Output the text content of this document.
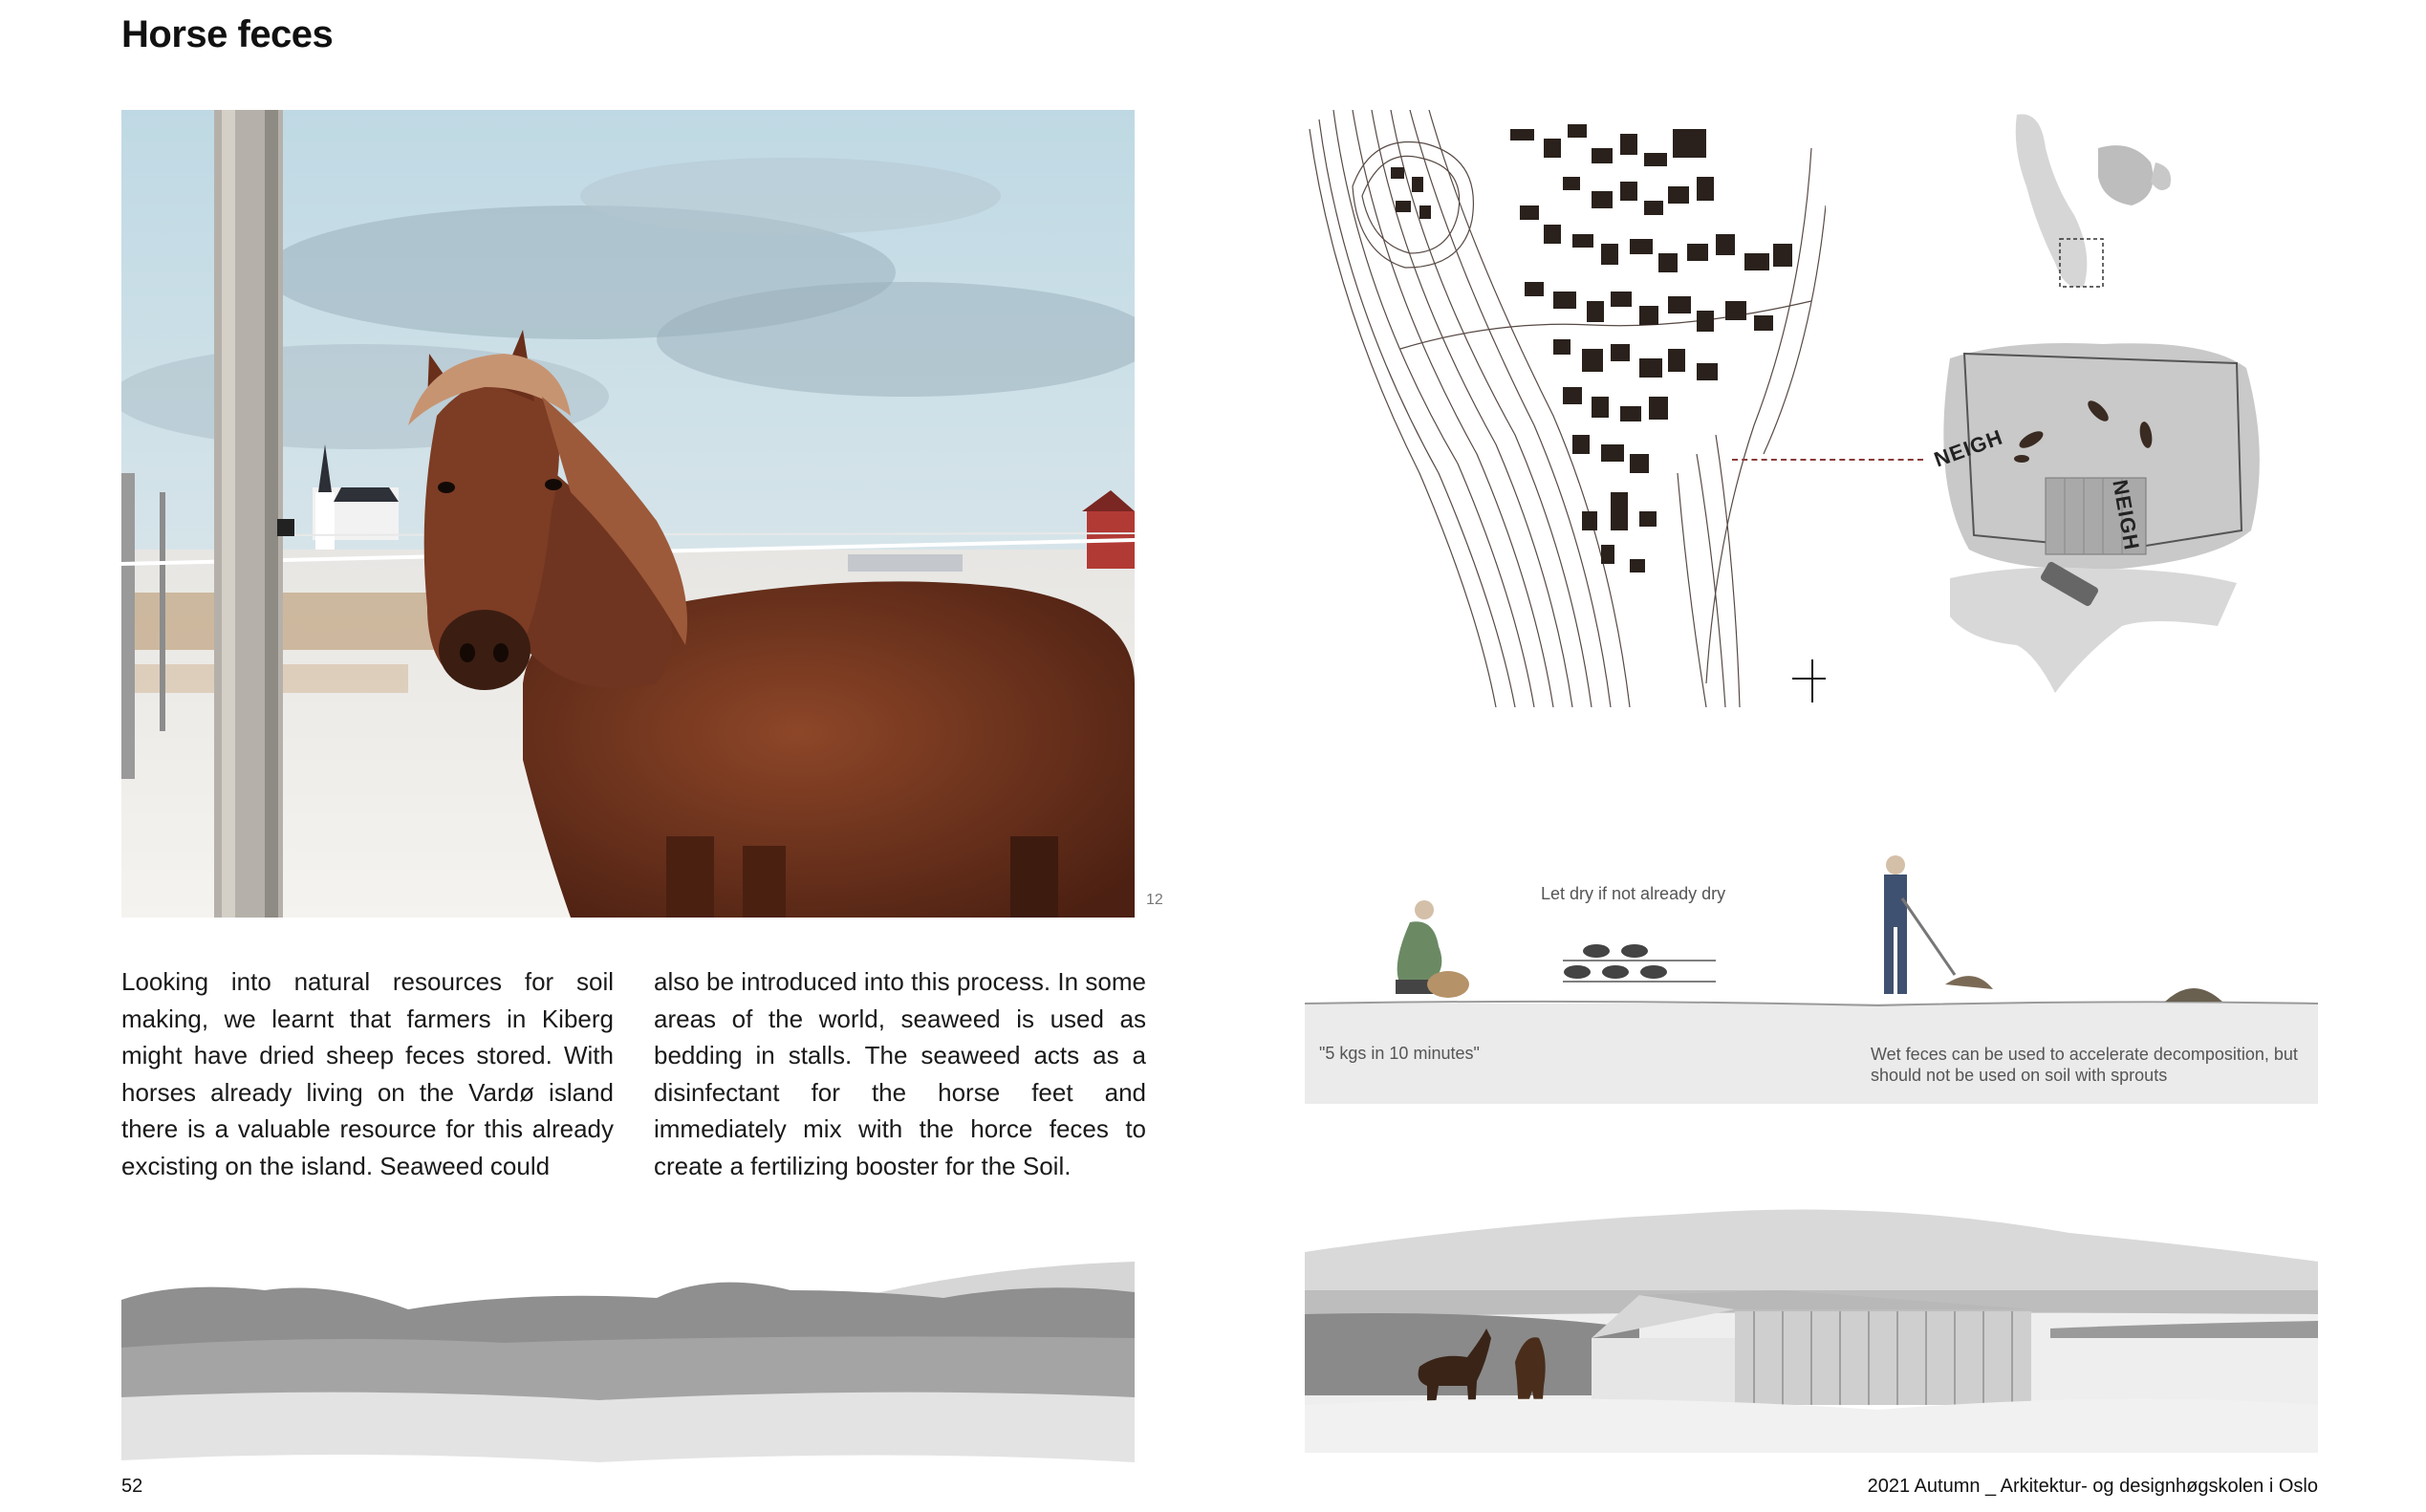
Horse feces
12
Looking into natural resources for soil making, we learnt that farmers in Kiberg might have dried sheep feces stored. With horses already living on the Vardø island there is a valuable resource for this already excisting on the island. Seaweed could
also be introduced into this process. In some areas of the world, seaweed is used as bedding in stalls. The seaweed acts as a disinfectant for the horse feet and immediately mix with the horce feces to create a fertilizing booster for the Soil.
NEIGH
NEIGH
Let dry if not already dry
"5 kgs in 10 minutes"	Wet feces can be used to accelerate decomposition, but should not be used on soil with sprouts
52	2021 Autumn _ Arkitektur- og designhøgskolen i Oslo
